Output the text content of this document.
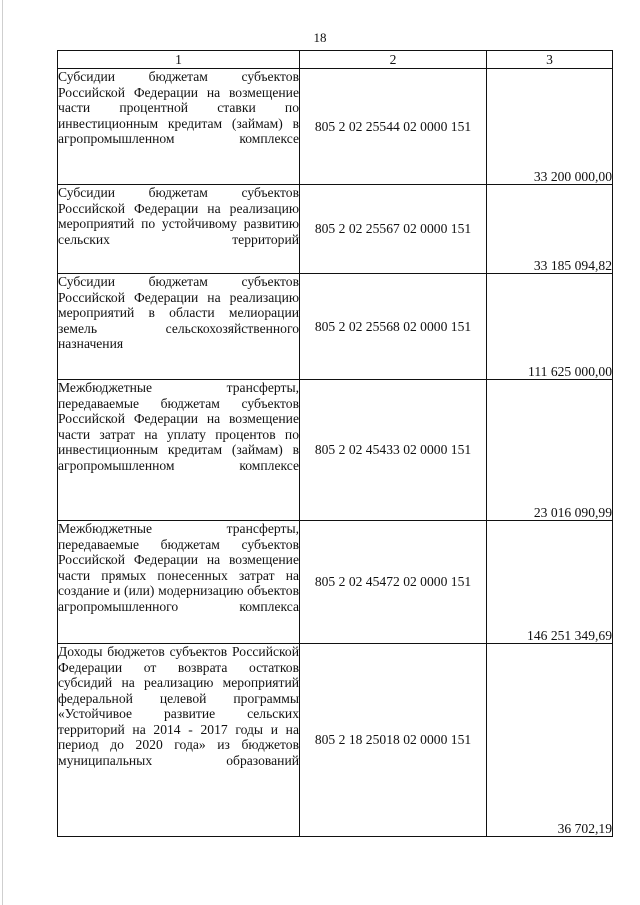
18
1	2	3
Субсидии бюджетам субъектов Российской Федерации на возмещение части процентной ставки по инвестиционным кредитам (займам) в агропромышленном комплексе	805 2 02 25544 02 0000 151	33 200 000,00
Субсидии бюджетам субъектов Российской Федерации на реализацию мероприятий по устойчивому развитию сельских территорий	805 2 02 25567 02 0000 151	33 185 094,82
Субсидии бюджетам субъектов Российской Федерации на реализацию мероприятий в области мелиорации земель сельскохозяйственного назначения	805 2 02 25568 02 0000 151	111 625 000,00
Межбюджетные трансферты, передаваемые бюджетам субъектов Российской Федерации на возмещение части затрат на уплату процентов по инвестиционным кредитам (займам) в агропромышленном комплексе	805 2 02 45433 02 0000 151	23 016 090,99
Межбюджетные трансферты, передаваемые бюджетам субъектов Российской Федерации на возмещение части прямых понесенных затрат на создание и (или) модернизацию объектов агропромышленного комплекса	805 2 02 45472 02 0000 151	146 251 349,69
Доходы бюджетов субъектов Российской Федерации от возврата остатков субсидий на реализацию мероприятий федеральной целевой программы «Устойчивое развитие сельских территорий на 2014 - 2017 годы и на период до 2020 года» из бюджетов муниципальных образований	805 2 18 25018 02 0000 151	36 702,19
